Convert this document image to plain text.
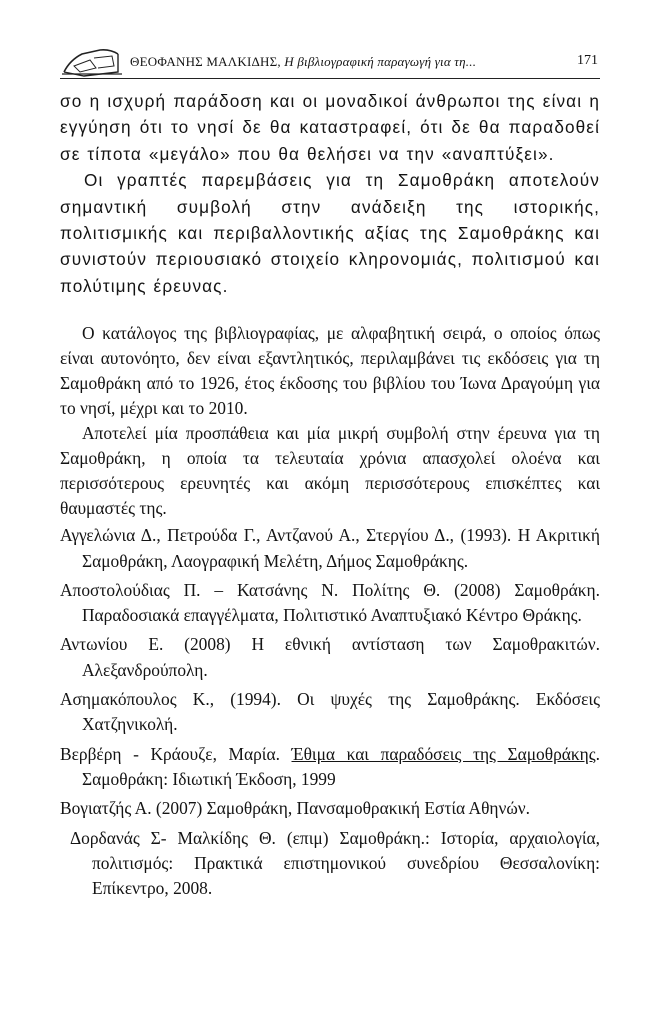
ΘΕΟΦΑΝΗΣ ΜΑΛΚΙΔΗΣ, Η βιβλιογραφική παραγωγή για τη...	171

σο η ισχυρή παράδοση και οι μοναδικοί άνθρωποι της είναι η εγγύηση ότι το νησί δε θα καταστραφεί, ότι δε θα παραδοθεί σε τίποτα «μεγάλο» που θα θελήσει να την «αναπτύξει».

Οι γραπτές παρεμβάσεις για τη Σαμοθράκη αποτελούν σημαντική συμβολή στην ανάδειξη της ιστορικής, πολιτισμικής και περιβαλλοντικής αξίας της Σαμοθράκης και συνιστούν περιουσιακό στοιχείο κληρονομιάς, πολιτισμού και πολύτιμης έρευνας.

Ο κατάλογος της βιβλιογραφίας, με αλφαβητική σειρά, ο οποίος όπως είναι αυτονόητο, δεν είναι εξαντλητικός, περιλαμβάνει τις εκδόσεις για τη Σαμοθράκη από το 1926, έτος έκδοσης του βιβλίου του Ίωνα Δραγούμη για το νησί, μέχρι και το 2010.

Αποτελεί μία προσπάθεια και μία μικρή συμβολή στην έρευνα για τη Σαμοθράκη, η οποία τα τελευταία χρόνια απασχολεί ολοένα και περισσότερους ερευνητές και ακόμη περισσότερους επισκέπτες και θαυμαστές της.

Αγγελώνια Δ., Πετρούδα Γ., Αντζανού Α., Στεργίου Δ., (1993). Η Ακριτική Σαμοθράκη, Λαογραφική Μελέτη, Δήμος Σαμοθράκης.

Αποστολούδιας Π. – Κατσάνης Ν. Πολίτης Θ. (2008) Σαμοθράκη. Παραδοσιακά επαγγέλματα, Πολιτιστικό Αναπτυξιακό Κέντρο Θράκης.

Αντωνίου Ε. (2008) Η εθνική αντίσταση των Σαμοθρακιτών. Αλεξανδρούπολη.

Ασημακόπουλος Κ., (1994). Οι ψυχές της Σαμοθράκης. Εκδόσεις Χατζηνικολή.

Βερβέρη - Κράουζε, Μαρία. Έθιμα και παραδόσεις της Σαμοθράκης. Σαμοθράκη: Ιδιωτική Έκδοση, 1999

Βογιατζής Α. (2007) Σαμοθράκη, Πανσαμοθρακική Εστία Αθηνών.

Δορδανάς Σ- Μαλκίδης Θ. (επιμ) Σαμοθράκη.: Ιστορία, αρχαιολογία, πολιτισμός: Πρακτικά επιστημονικού συνεδρίου Θεσσαλονίκη: Επίκεντρο, 2008.
